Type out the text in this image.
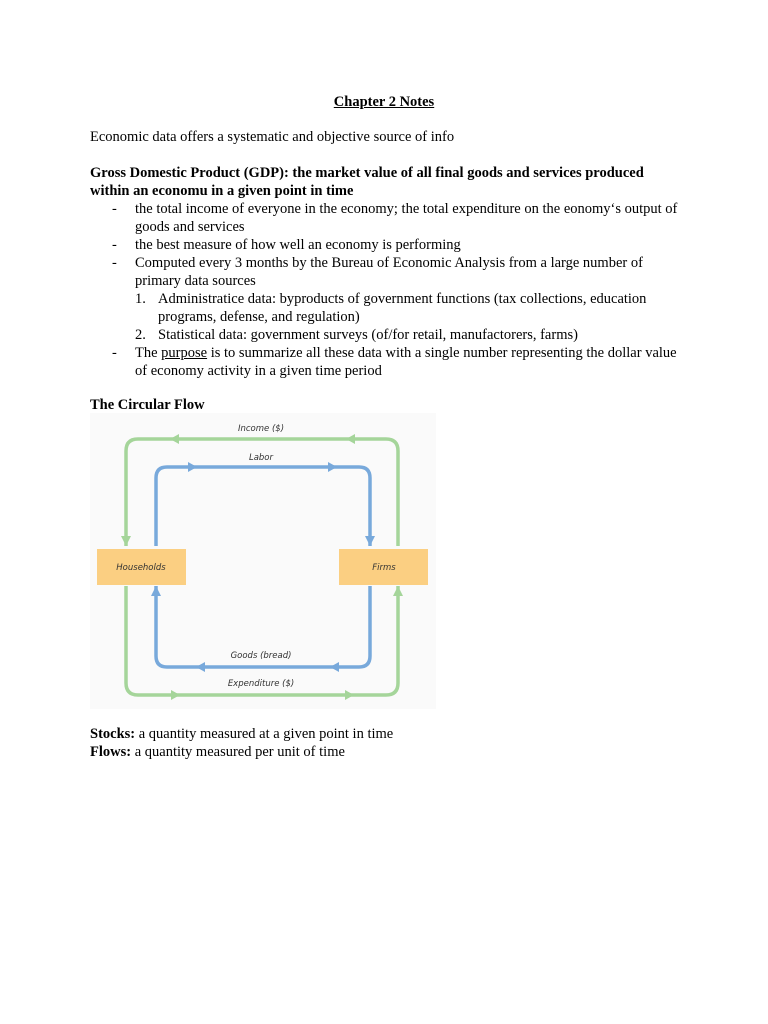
Chapter 2 Notes
Economic data offers a systematic and objective source of info
Gross Domestic Product (GDP): the market value of all final goods and services produced within an economu in a given point in time
- the total income of everyone in the economy; the total expenditure on the eonomy‘s output of goods and services
- the best measure of how well an economy is performing
- Computed every 3 months by the Bureau of Economic Analysis from a large number of primary data sources
1. Administratice data: byproducts of government functions (tax collections, education programs, defense, and regulation)
2. Statistical data: government surveys (of/for retail, manufactorers, farms)
- The purpose is to summarize all these data with a single number representing the dollar value of economy activity in a given time period
The Circular Flow
Income ($)
Labor
Households	Firms
Goods (bread)
Expenditure ($)
Stocks: a quantity measured at a given point in time
Flows: a quantity measured per unit of time
